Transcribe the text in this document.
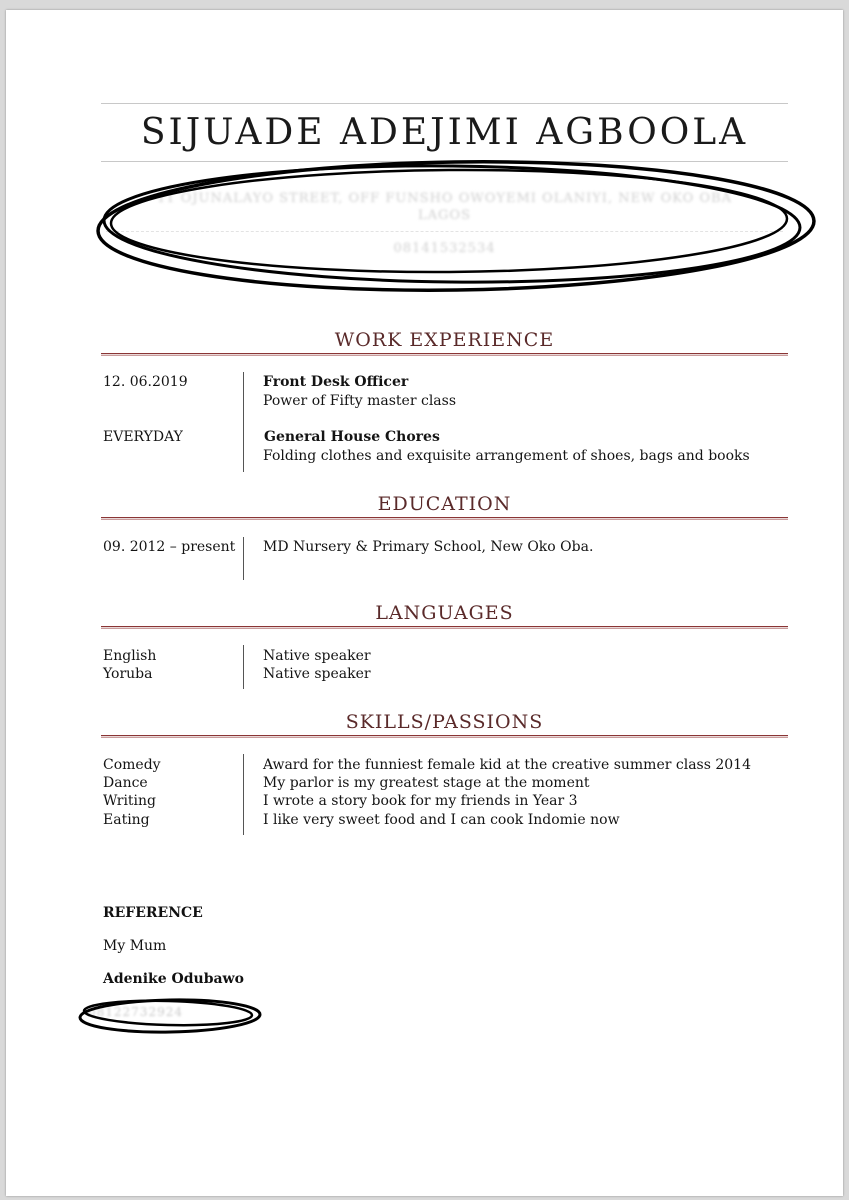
SIJUADE ADEJIMI AGBOOLA
11 OJUNALAYO STREET, OFF FUNSHO OWOYEMI OLANIYI, NEW OKO OBA
LAGOS
08141532534
WORK EXPERIENCE
12. 06.2019	Front Desk Officer
Power of Fifty master class
EVERYDAY	General House Chores
Folding clothes and exquisite arrangement of shoes, bags and books
EDUCATION
09. 2012 – present MD Nursery & Primary School, New Oko Oba.
LANGUAGES
English	Native speaker
Yoruba	Native speaker
SKILLS/PASSIONS
Comedy	Award for the funniest female kid at the creative summer class 2014
Dance	My parlor is my greatest stage at the moment
Writing	I wrote a story book for my friends in Year 3
Eating	I like very sweet food and I can cook Indomie now
REFERENCE
My Mum
Adenike Odubawo
08122732924
